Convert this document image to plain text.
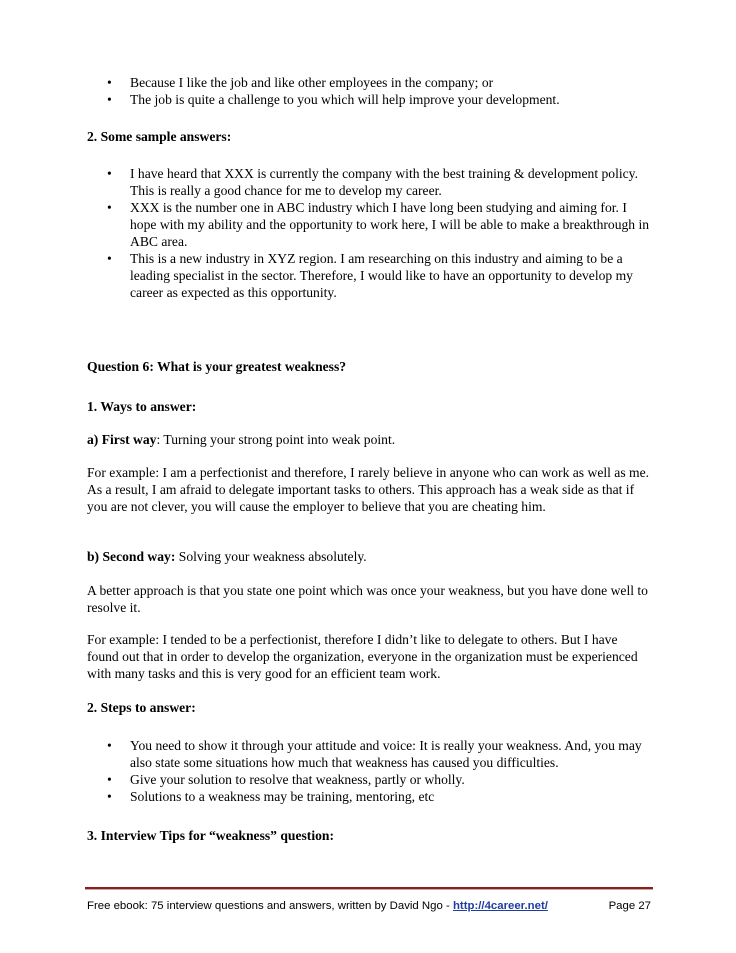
• Because I like the job and like other employees in the company; or
• The job is quite a challenge to you which will help improve your development.

2. Some sample answers:

• I have heard that XXX is currently the company with the best training & development policy. This is really a good chance for me to develop my career.
• XXX is the number one in ABC industry which I have long been studying and aiming for. I hope with my ability and the opportunity to work here, I will be able to make a breakthrough in ABC area.
• This is a new industry in XYZ region. I am researching on this industry and aiming to be a leading specialist in the sector. Therefore, I would like to have an opportunity to develop my career as expected as this opportunity.

Question 6: What is your greatest weakness?

1. Ways to answer:

a) First way: Turning your strong point into weak point.

For example: I am a perfectionist and therefore, I rarely believe in anyone who can work as well as me. As a result, I am afraid to delegate important tasks to others. This approach has a weak side as that if you are not clever, you will cause the employer to believe that you are cheating him.

b) Second way: Solving your weakness absolutely.

A better approach is that you state one point which was once your weakness, but you have done well to resolve it.

For example: I tended to be a perfectionist, therefore I didn’t like to delegate to others. But I have found out that in order to develop the organization, everyone in the organization must be experienced with many tasks and this is very good for an efficient team work.

2. Steps to answer:

• You need to show it through your attitude and voice: It is really your weakness. And, you may also state some situations how much that weakness has caused you difficulties.
• Give your solution to resolve that weakness, partly or wholly.
• Solutions to a weakness may be training, mentoring, etc

3. Interview Tips for “weakness” question:

Free ebook: 75 interview questions and answers, written by David Ngo - http://4career.net/	Page 27
